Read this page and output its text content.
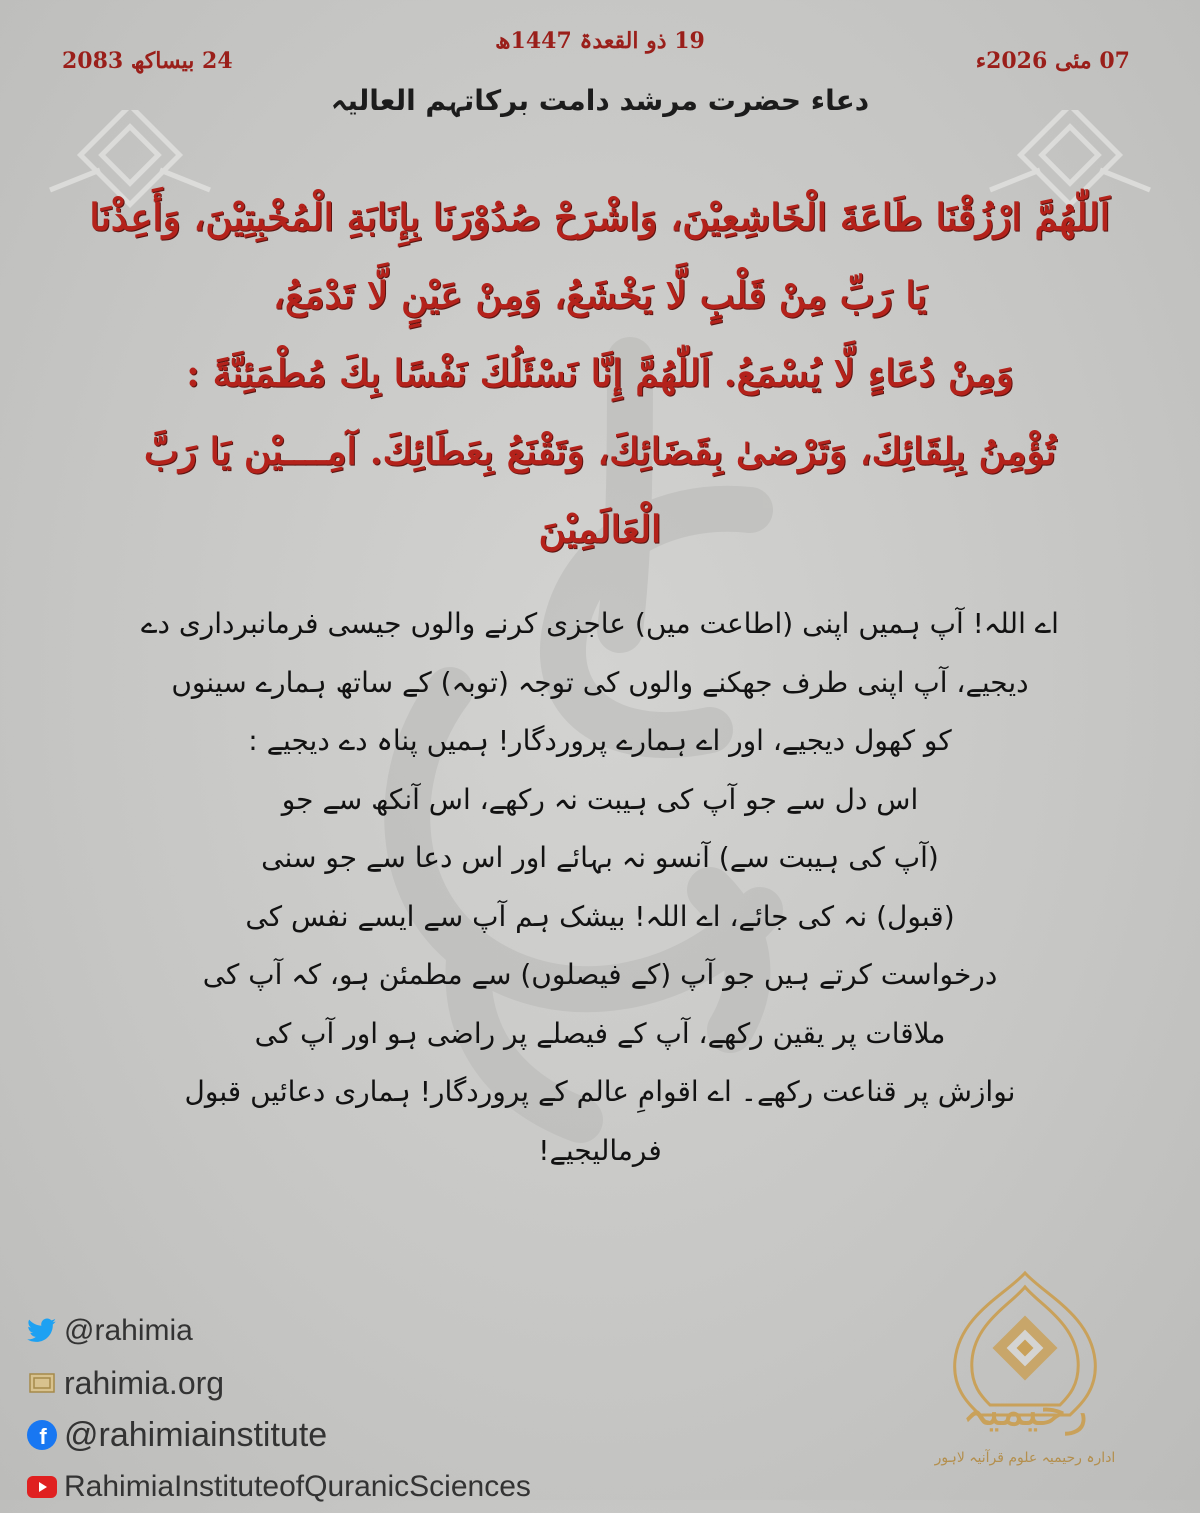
07 مئی 2026ء
19 ذو القعدۃ 1447ھ
24 بیساکھ 2083
دعاء حضرت مرشد دامت برکاتہم العالیہ
اَللّٰهُمَّ ارْزُقْنَا طَاعَةَ الْخَاشِعِيْنَ، وَاشْرَحْ صُدُوْرَنَا بِإِنَابَةِ الْمُخْبِتِيْنَ، وَأَعِذْنَا
يَا رَبِّ مِنْ قَلْبٍ لَّا يَخْشَعُ، وَمِنْ عَيْنٍ لَّا تَدْمَعُ،
وَمِنْ دُعَاءٍ لَّا يُسْمَعُ. اَللّٰهُمَّ إِنَّا نَسْئَلُكَ نَفْسًا بِكَ مُطْمَئِنَّةً :
تُؤْمِنُ بِلِقَائِكَ، وَتَرْضىٰ بِقَضَائِكَ، وَتَقْنَعُ بِعَطَائِكَ. آمِــــيْن يَا رَبَّ
الْعَالَمِيْنَ
اے اللہ! آپ ہمیں اپنی (اطاعت میں) عاجزی کرنے والوں جیسی فرمانبرداری دے
دیجیے، آپ اپنی طرف جھکنے والوں کی توجہ (توبہ) کے ساتھ ہمارے سینوں
کو کھول دیجیے، اور اے ہمارے پروردگار! ہمیں پناہ دے دیجیے :
اس دل سے جو آپ کی ہیبت نہ رکھے، اس آنکھ سے جو
(آپ کی ہیبت سے) آنسو نہ بہائے اور اس دعا سے جو سنی
(قبول) نہ کی جائے، اے اللہ! بیشک ہم آپ سے ایسے نفس کی
درخواست کرتے ہیں جو آپ (کے فیصلوں) سے مطمئن ہو، کہ آپ کی
ملاقات پر یقین رکھے، آپ کے فیصلے پر راضی ہو اور آپ کی
نوازش پر قناعت رکھے۔ اے اقوامِ عالم کے پروردگار! ہماری دعائیں قبول
فرمالیجیے!
@rahimia
rahimia.org
f @rahimiainstitute
RahimiaInstituteofQuranicSciences
رحیمیہ
ادارہ رحیمیہ علوم قرآنیہ لاہور
